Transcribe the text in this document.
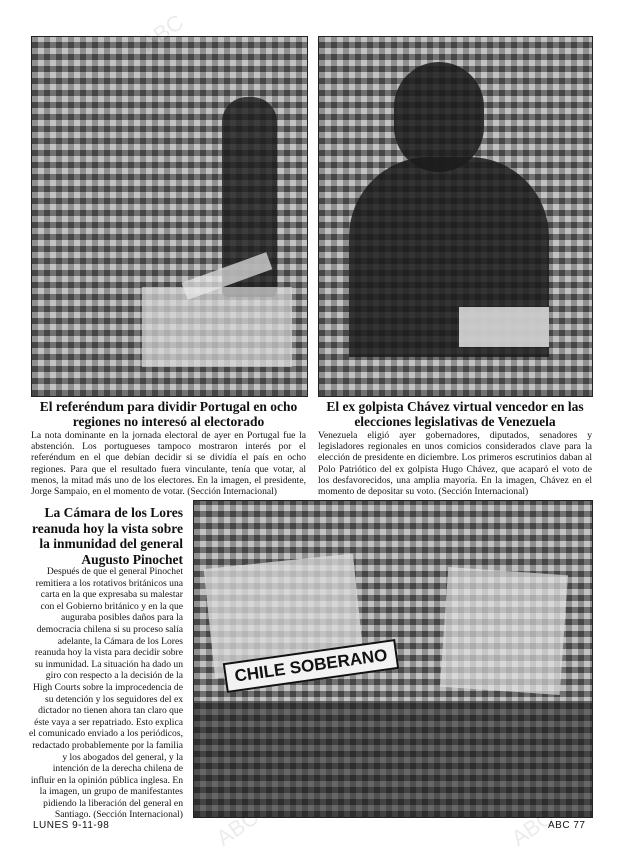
El referéndum para dividir Portugal en ocho regiones no interesó al electorado

La nota dominante en la jornada electoral de ayer en Portugal fue la abstención. Los portugueses tampoco mostraron interés por el referéndum en el que debían decidir si se dividía el país en ocho regiones. Para que el resultado fuera vinculante, tenía que votar, al menos, la mitad más uno de los electores. En la imagen, el presidente, Jorge Sampaio, en el momento de votar. (Sección Internacional)

El ex golpista Chávez virtual vencedor en las elecciones legislativas de Venezuela

Venezuela eligió ayer gobernadores, diputados, senadores y legisladores regionales en unos comicios considerados clave para la elección de presidente en diciembre. Los primeros escrutinios daban al Polo Patriótico del ex golpista Hugo Chávez, que acaparó el voto de los desfavorecidos, una amplia mayoría. En la imagen, Chávez en el momento de depositar su voto. (Sección Internacional)

La Cámara de los Lores reanuda hoy la vista sobre la inmunidad del general Augusto Pinochet

Después de que el general Pinochet remitiera a los rotativos británicos una carta en la que expresaba su malestar con el Gobierno británico y en la que auguraba posibles daños para la democracia chilena si su proceso salía adelante, la Cámara de los Lores reanuda hoy la vista para decidir sobre su inmunidad. La situación ha dado un giro con respecto a la decisión de la High Courts sobre la improcedencia de su detención y los seguidores del ex dictador no tienen ahora tan claro que éste vaya a ser repatriado. Esto explica el comunicado enviado a los periódicos, redactado probablemente por la familia y los abogados del general, y la intención de la derecha chilena de influir en la opinión pública inglesa. En la imagen, un grupo de manifestantes pidiendo la liberación del general en Santiago. (Sección Internacional)

CHILE SOBERANO
ABC
ABC	ABC
LUNES 9-11-98	ABC 77
